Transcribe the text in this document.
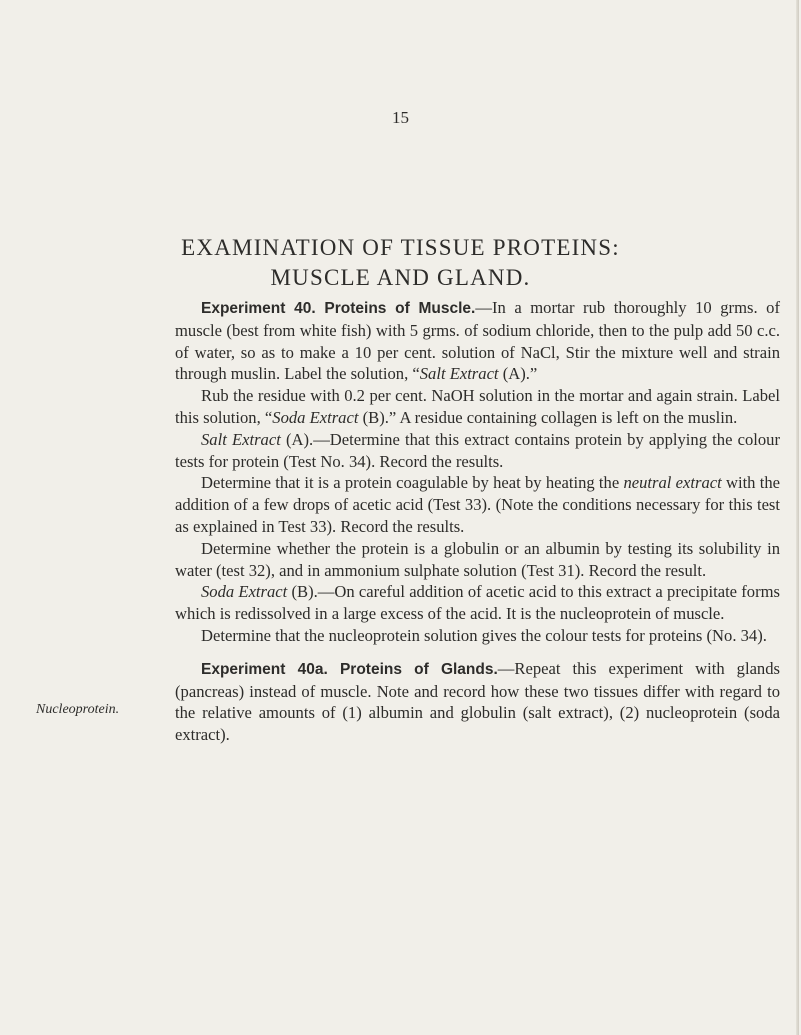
15
EXAMINATION OF TISSUE PROTEINS:
MUSCLE AND GLAND.
Nucleoprotein.

Experiment 40. Proteins of Muscle.—In a mortar rub thoroughly 10 grms. of muscle (best from white fish) with 5 grms. of sodium chloride, then to the pulp add 50 c.c. of water, so as to make a 10 per cent. solution of NaCl, Stir the mixture well and strain through muslin. Label the solution, “Salt Extract (A).”

Rub the residue with 0.2 per cent. NaOH solution in the mortar and again strain. Label this solution, “Soda Extract (B).” A residue containing collagen is left on the muslin.

Salt Extract (A).—Determine that this extract contains protein by applying the colour tests for protein (Test No. 34). Record the results.

Determine that it is a protein coagulable by heat by heating the neutral extract with the addition of a few drops of acetic acid (Test 33). (Note the conditions necessary for this test as explained in Test 33). Record the results.

Determine whether the protein is a globulin or an albumin by testing its solubility in water (test 32), and in ammonium sulphate solution (Test 31). Record the result.

Soda Extract (B).—On careful addition of acetic acid to this extract a precipitate forms which is redissolved in a large excess of the acid. It is the nucleoprotein of muscle.

Determine that the nucleoprotein solution gives the colour tests for proteins (No. 34).

Experiment 40a. Proteins of Glands.—Repeat this experiment with glands (pancreas) instead of muscle. Note and record how these two tissues differ with regard to the relative amounts of (1) albumin and globulin (salt extract), (2) nucleoprotein (soda extract).
